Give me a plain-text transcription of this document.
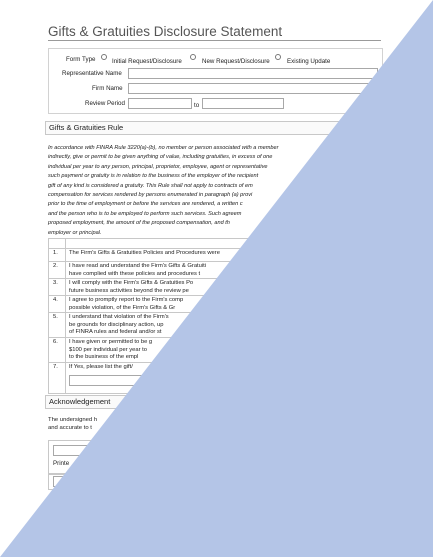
Gifts & Gratuities Disclosure Statement
Form Type	Initial Request/Disclosure	New Request/Disclosure	Existing Update
Representative Name
Firm Name
Review Period	to
Gifts & Gratuities Rule
In accordance with FINRA Rule 3220(a)-(b), no member or person associated with a member
indirectly, give or permit to be given anything of value, including gratuities, in excess of one
individual per year to any person, principal, proprietor, employee, agent or representative
such payment or gratuity is in relation to the business of the employer of the recipient
gift of any kind is considered a gratuity. This Rule shall not apply to contracts of em
compensation for services rendered by persons enumerated in paragraph (a) provi
prior to the time of employment or before the services are rendered, a written c
and the person who is to be employed to perform such services. Such agreem
proposed employment, the amount of the proposed compensation, and th
employer or principal.
1. The Firm's Gifts & Gratuities Policies and Procedures were
2. I have read and understand the Firm's Gifts & Gratuiti
have complied with these policies and procedures t
3. I will comply with the Firm's Gifts & Gratuities Po
future business activities beyond the review pe
4. I agree to promptly report to the Firm's comp
possible violation, of the Firm's Gifts & Gr
5. I understand that violation of the Firm's
be grounds for disciplinary action, up
of FINRA rules and federal and/or st
6. I have given or permitted to be g
$100 per individual per year to
to the business of the empl
7. If Yes, please list the gift/
Acknowledgement
The undersigned h
and accurate to t
Printe
